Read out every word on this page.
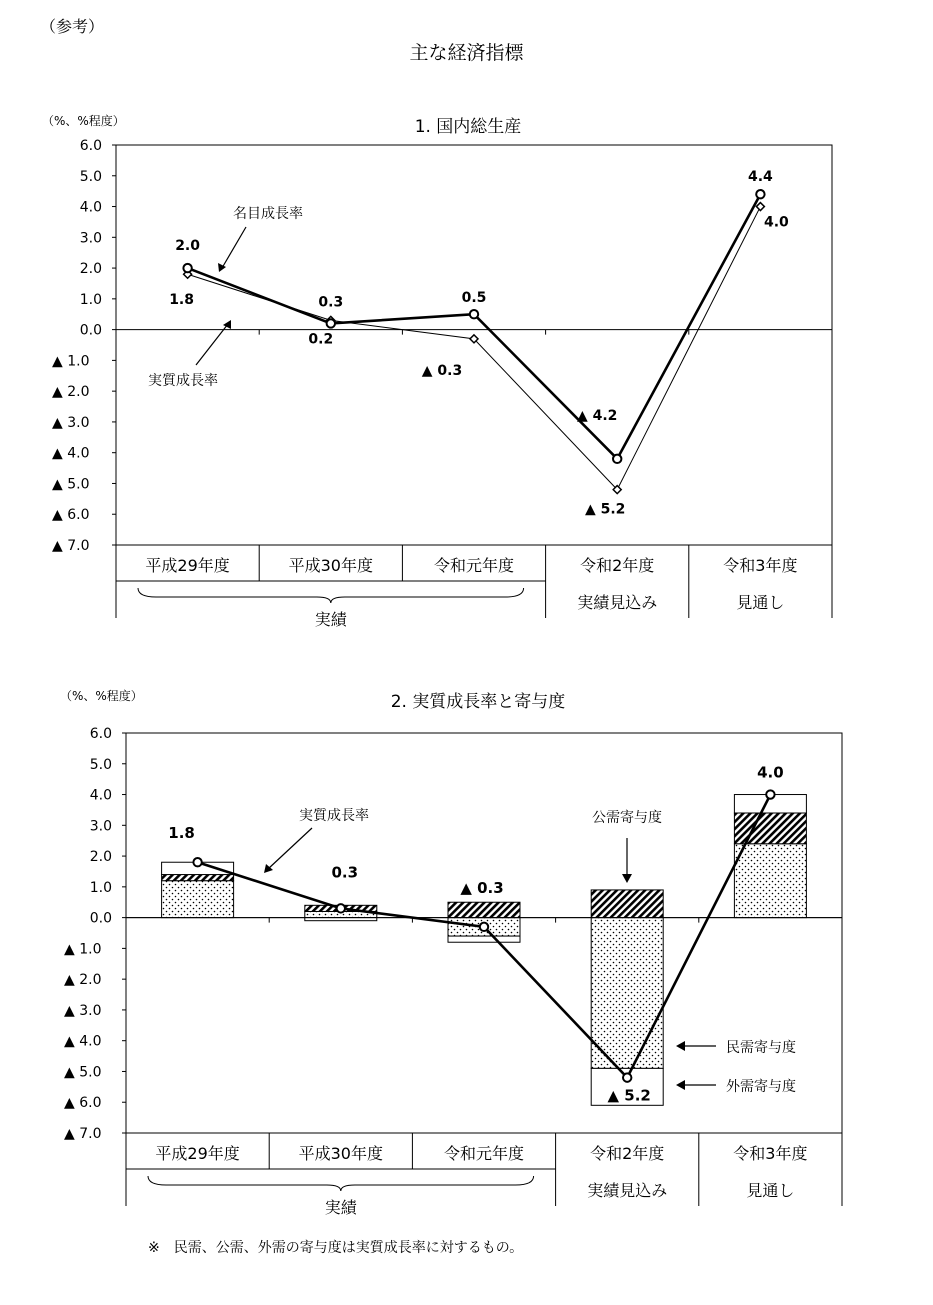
（参考）
主な経済指標
1. 国内総生産
（%、%程度）
6.0
5.0
4.0
3.0
2.0
1.0
0.0
▲ 1.0
▲ 2.0
▲ 3.0
▲ 4.0
▲ 5.0
▲ 6.0
▲ 7.0
平成29年度	平成30年度	令和元年度	令和2年度	令和3年度
実績
実績見込み	見通し
2.0
0.3	0.5
▲ 4.2
4.4
1.8
0.2
▲ 0.3
▲ 5.2
4.0
名目成長率
実質成長率
2. 実質成長率と寄与度
（%、%程度）
6.0
5.0
4.0
3.0
2.0
1.0
0.0
▲ 1.0
▲ 2.0
▲ 3.0
▲ 4.0
▲ 5.0
▲ 6.0
▲ 7.0
平成29年度	平成30年度	令和元年度	令和2年度	令和3年度
実績
実績見込み	見通し
1.8
0.3
▲ 0.3
▲ 5.2
4.0
実質成長率	公需寄与度
民需寄与度
外需寄与度
※　民需、公需、外需の寄与度は実質成長率に対するもの。
